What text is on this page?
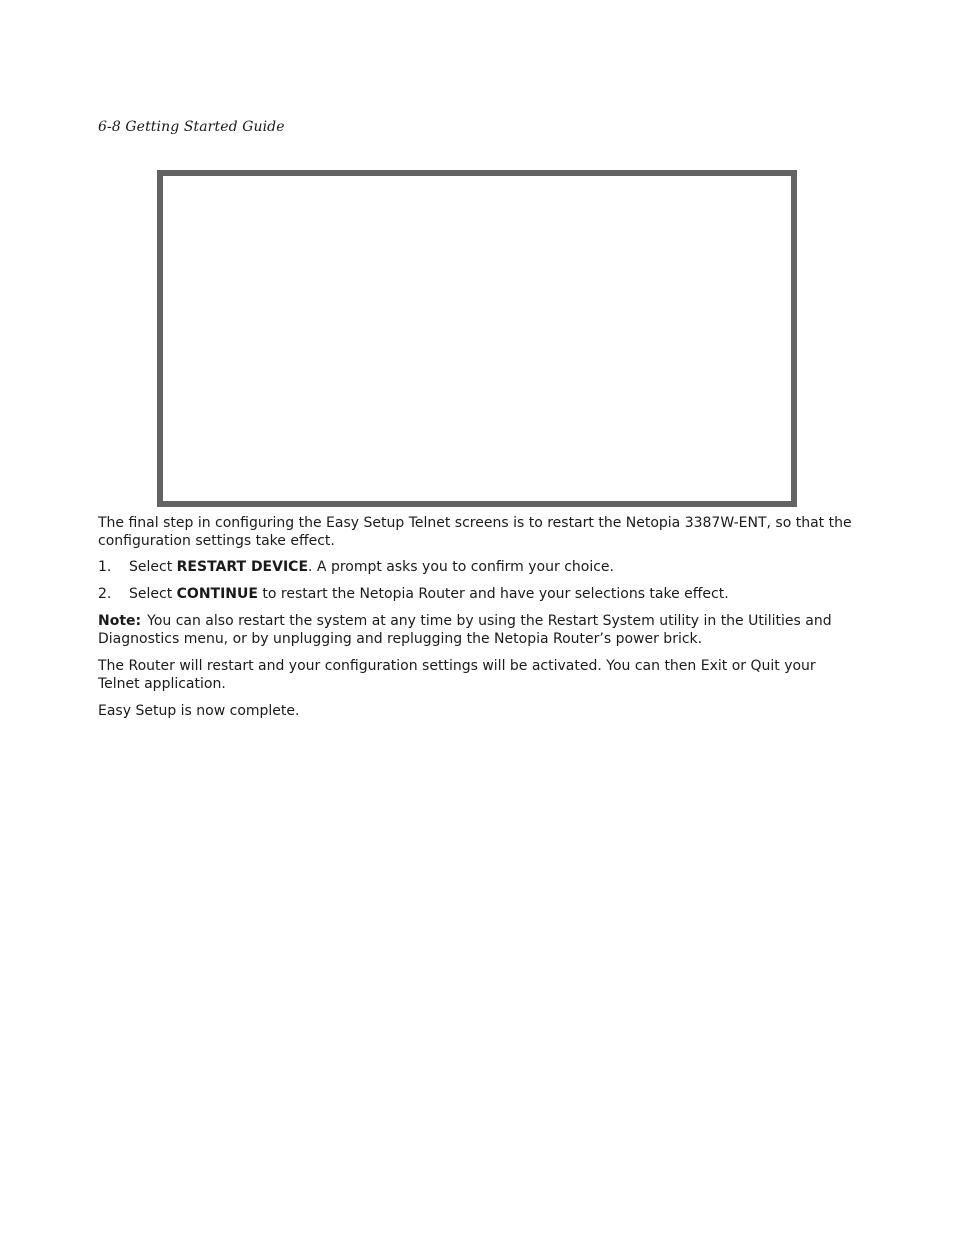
6-8 Getting Started Guide

The final step in configuring the Easy Setup Telnet screens is to restart the Netopia 3387W-ENT, so that the configuration settings take effect.

1.	Select RESTART DEVICE. A prompt asks you to confirm your choice.
2.	Select CONTINUE to restart the Netopia Router and have your selections take effect.

Note: You can also restart the system at any time by using the Restart System utility in the Utilities and Diagnostics menu, or by unplugging and replugging the Netopia Router’s power brick.

The Router will restart and your configuration settings will be activated. You can then Exit or Quit your Telnet application.

Easy Setup is now complete.
